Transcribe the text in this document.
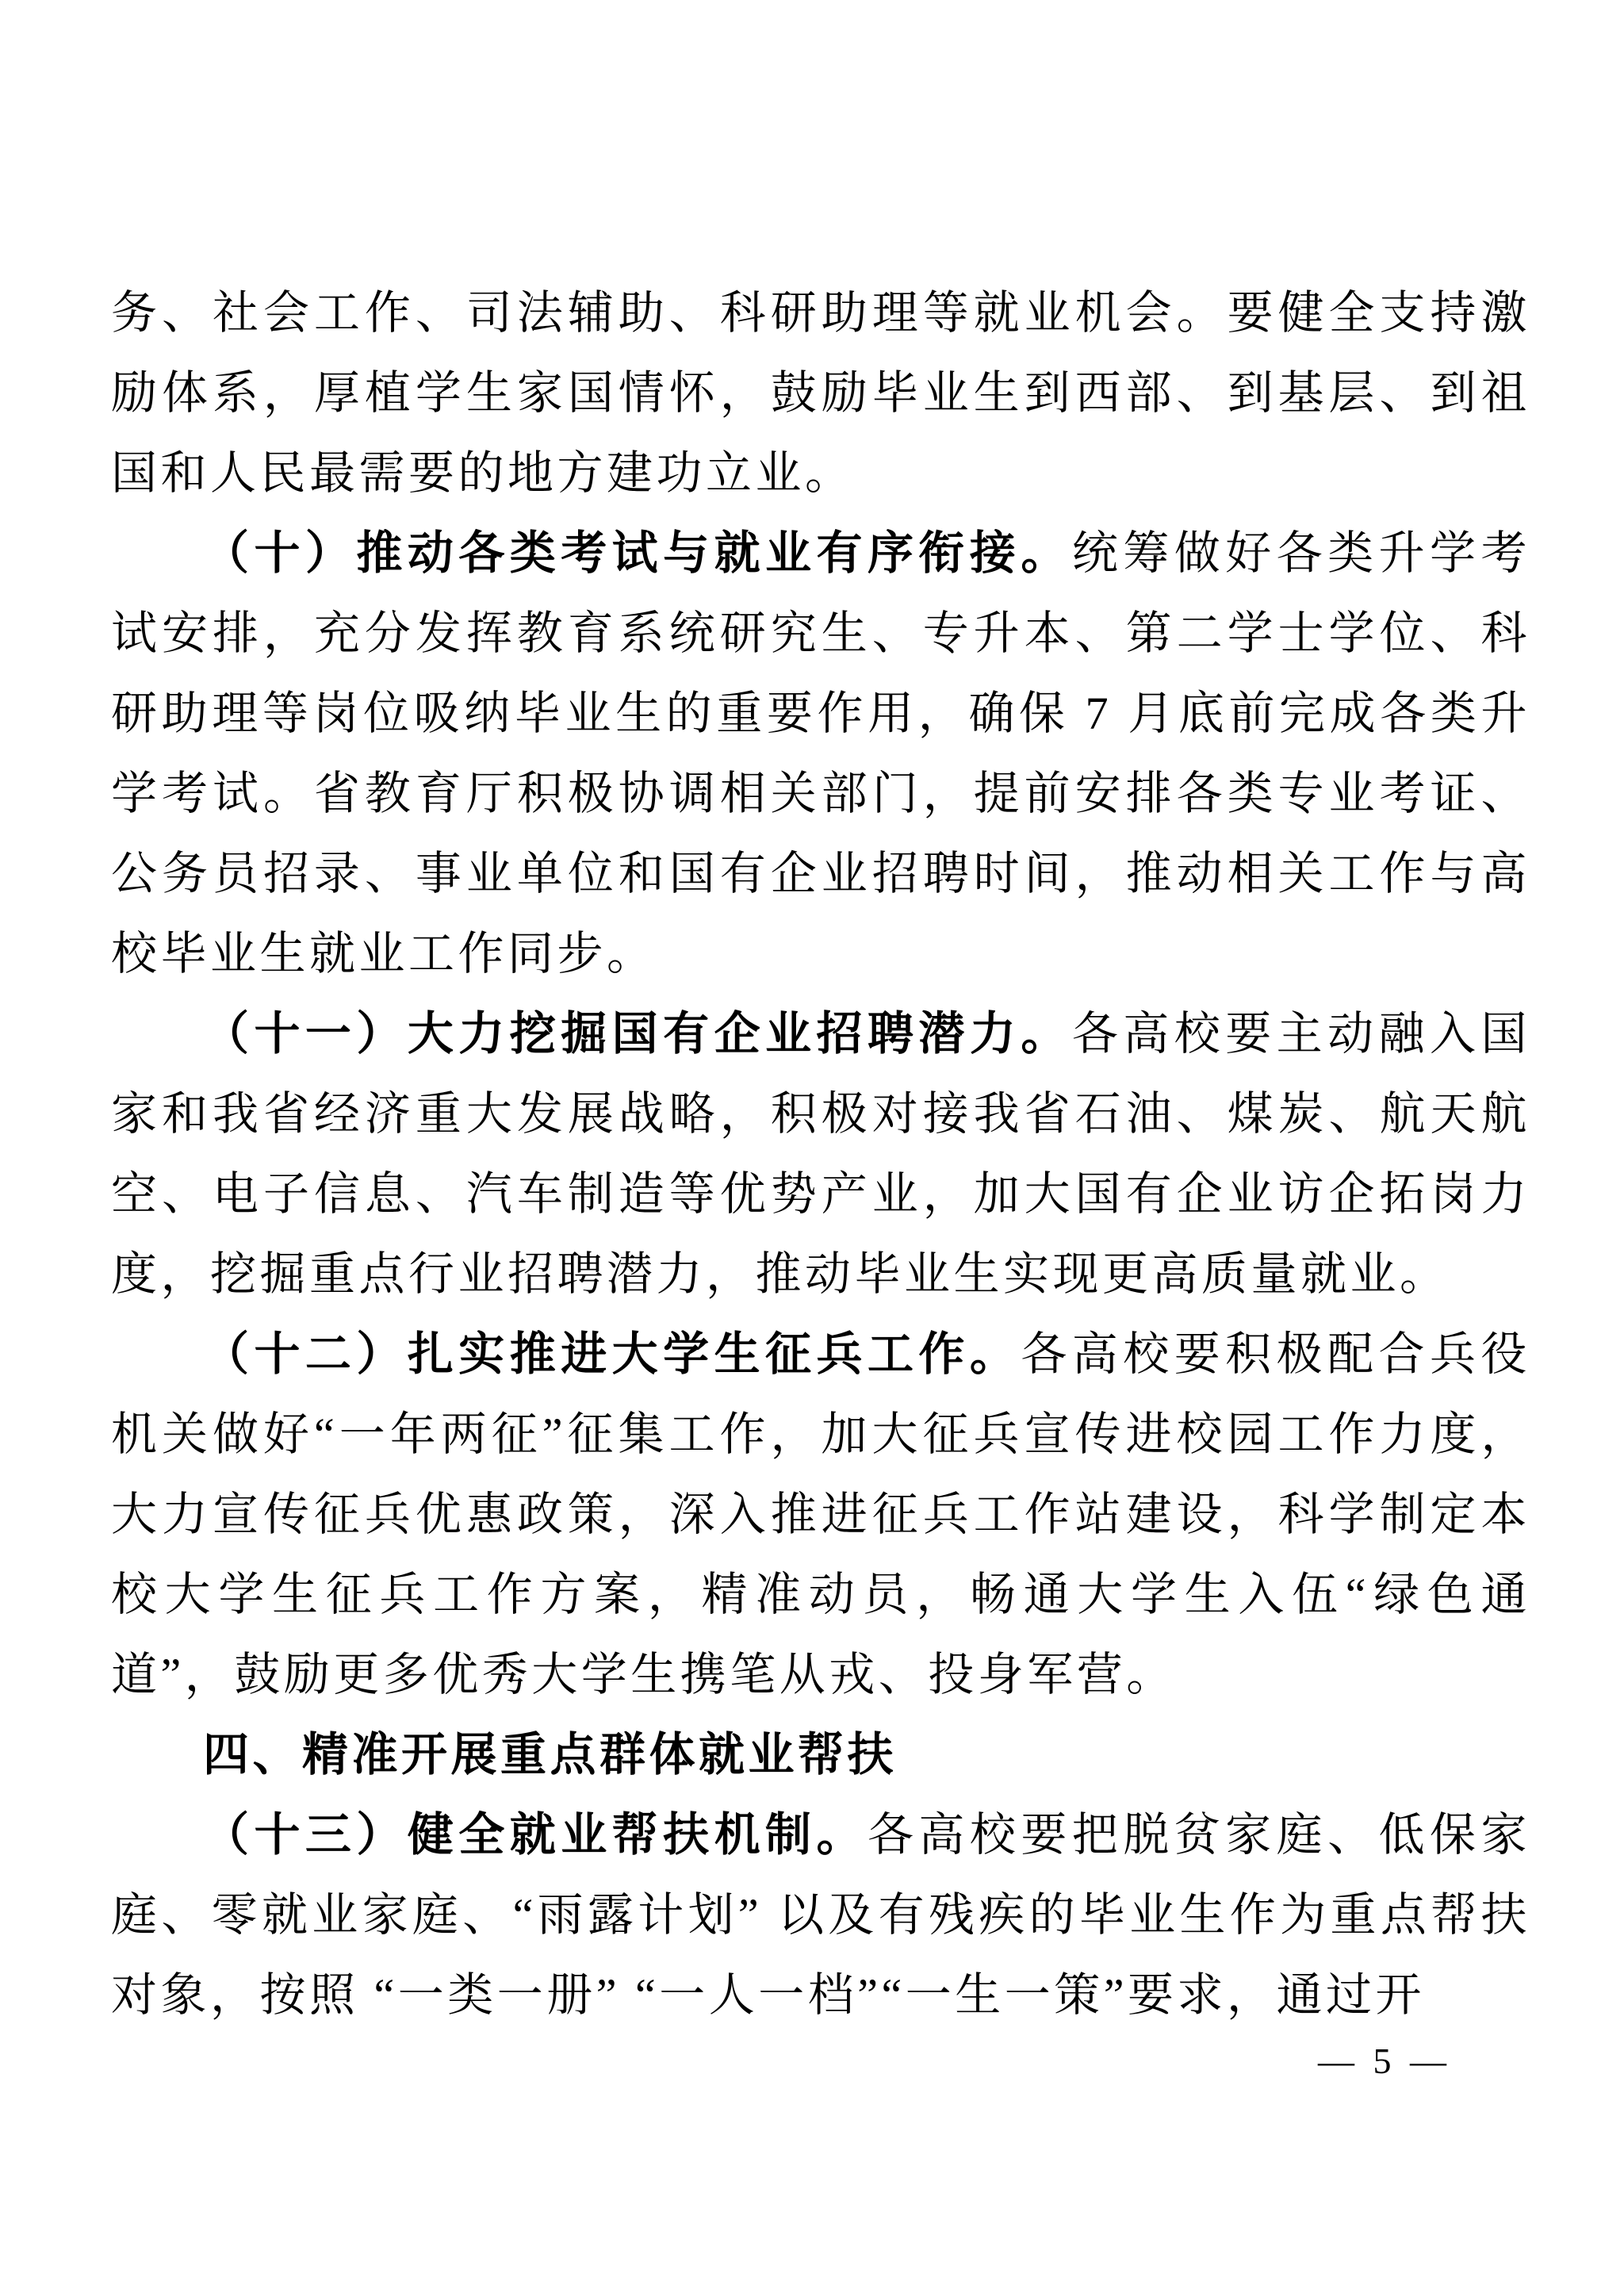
务、社会工作、司法辅助、科研助理等就业机会。要健全支持激励体系，厚植学生家国情怀，鼓励毕业生到西部、到基层、到祖国和人民最需要的地方建功立业。

（十）推动各类考试与就业有序衔接。统筹做好各类升学考试安排，充分发挥教育系统研究生、专升本、第二学士学位、科研助理等岗位吸纳毕业生的重要作用，确保 7 月底前完成各类升学考试。省教育厅积极协调相关部门，提前安排各类专业考证、公务员招录、事业单位和国有企业招聘时间，推动相关工作与高校毕业生就业工作同步。

（十一）大力挖掘国有企业招聘潜力。各高校要主动融入国家和我省经济重大发展战略，积极对接我省石油、煤炭、航天航空、电子信息、汽车制造等优势产业，加大国有企业访企拓岗力度，挖掘重点行业招聘潜力，推动毕业生实现更高质量就业。

（十二）扎实推进大学生征兵工作。各高校要积极配合兵役机关做好“一年两征”征集工作，加大征兵宣传进校园工作力度，大力宣传征兵优惠政策，深入推进征兵工作站建设，科学制定本校大学生征兵工作方案，精准动员，畅通大学生入伍“绿色通道”，鼓励更多优秀大学生携笔从戎、投身军营。

四、精准开展重点群体就业帮扶

（十三）健全就业帮扶机制。各高校要把脱贫家庭、低保家庭、零就业家庭、“雨露计划” 以及有残疾的毕业生作为重点帮扶对象，按照 “一类一册” “一人一档”“一生一策”要求，通过开

— 5 —
